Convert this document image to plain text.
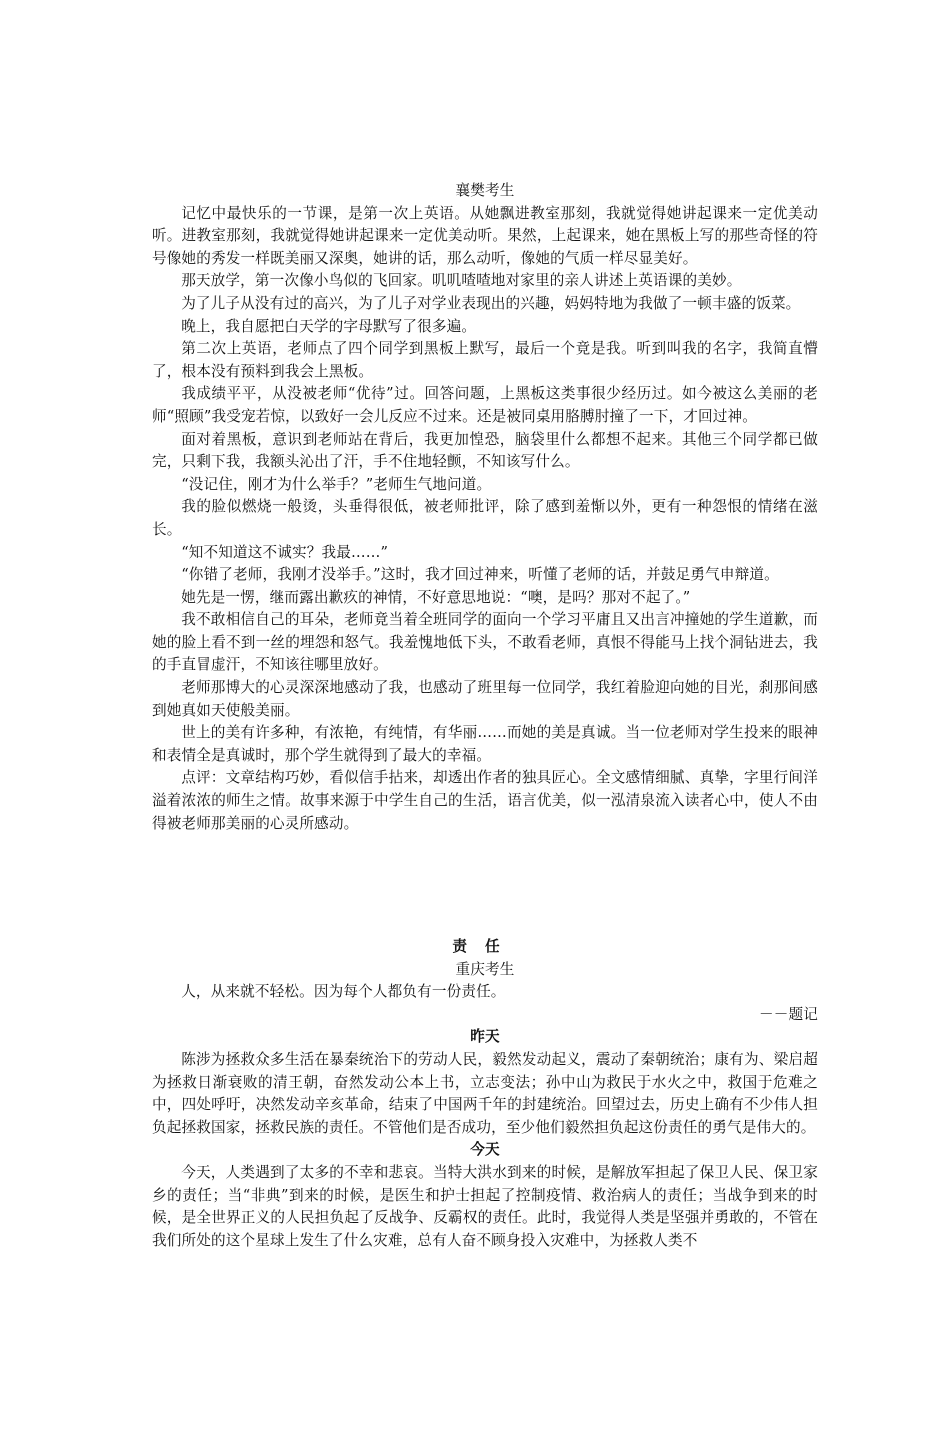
襄樊考生

记忆中最快乐的一节课，是第一次上英语。从她飘进教室那刻，我就觉得她讲起课来一定优美动听。进教室那刻，我就觉得她讲起课来一定优美动听。果然，上起课来，她在黑板上写的那些奇怪的符号像她的秀发一样既美丽又深奥，她讲的话，那么动听，像她的气质一样尽显美好。

那天放学，第一次像小鸟似的飞回家。叽叽喳喳地对家里的亲人讲述上英语课的美妙。

为了儿子从没有过的高兴，为了儿子对学业表现出的兴趣，妈妈特地为我做了一顿丰盛的饭菜。

晚上，我自愿把白天学的字母默写了很多遍。

第二次上英语，老师点了四个同学到黑板上默写，最后一个竟是我。听到叫我的名字，我简直懵了，根本没有预料到我会上黑板。

我成绩平平，从没被老师“优待”过。回答问题，上黑板这类事很少经历过。如今被这么美丽的老师“照顾”我受宠若惊，以致好一会儿反应不过来。还是被同桌用胳膊肘撞了一下，才回过神。

面对着黑板，意识到老师站在背后，我更加惶恐，脑袋里什么都想不起来。其他三个同学都已做完，只剩下我，我额头沁出了汗，手不住地轻颤，不知该写什么。

“没记住，刚才为什么举手？”老师生气地问道。

我的脸似燃烧一般烫，头垂得很低，被老师批评，除了感到羞惭以外，更有一种怨恨的情绪在滋长。

“知不知道这不诚实？我最……”

“你错了老师，我刚才没举手。”这时，我才回过神来，听懂了老师的话，并鼓足勇气申辩道。

她先是一愣，继而露出歉疚的神情，不好意思地说：“噢，是吗？那对不起了。”

我不敢相信自己的耳朵，老师竟当着全班同学的面向一个学习平庸且又出言冲撞她的学生道歉，而她的脸上看不到一丝的埋怨和怒气。我羞愧地低下头，不敢看老师，真恨不得能马上找个洞钻进去，我的手直冒虚汗，不知该往哪里放好。

老师那博大的心灵深深地感动了我，也感动了班里每一位同学，我红着脸迎向她的目光，刹那间感到她真如天使般美丽。

世上的美有许多种，有浓艳，有纯情，有华丽……而她的美是真诚。当一位老师对学生投来的眼神和表情全是真诚时，那个学生就得到了最大的幸福。

点评：文章结构巧妙，看似信手拈来，却透出作者的独具匠心。全文感情细腻、真挚，字里行间洋溢着浓浓的师生之情。故事来源于中学生自己的生活，语言优美，似一泓清泉流入读者心中，使人不由得被老师那美丽的心灵所感动。

责任

重庆考生

人，从来就不轻松。因为每个人都负有一份责任。

－－题记

昨天

陈涉为拯救众多生活在暴秦统治下的劳动人民，毅然发动起义，震动了秦朝统治；康有为、梁启超为拯救日渐衰败的清王朝，奋然发动公本上书，立志变法；孙中山为救民于水火之中，救国于危难之中，四处呼吁，决然发动辛亥革命，结束了中国两千年的封建统治。回望过去，历史上确有不少伟人担负起拯救国家，拯救民族的责任。不管他们是否成功，至少他们毅然担负起这份责任的勇气是伟大的。

今天

今天，人类遇到了太多的不幸和悲哀。当特大洪水到来的时候，是解放军担起了保卫人民、保卫家乡的责任；当“非典”到来的时候，是医生和护士担起了控制疫情、救治病人的责任；当战争到来的时候，是全世界正义的人民担负起了反战争、反霸权的责任。此时，我觉得人类是坚强并勇敢的，不管在我们所处的这个星球上发生了什么灾难，总有人奋不顾身投入灾难中，为拯救人类不
